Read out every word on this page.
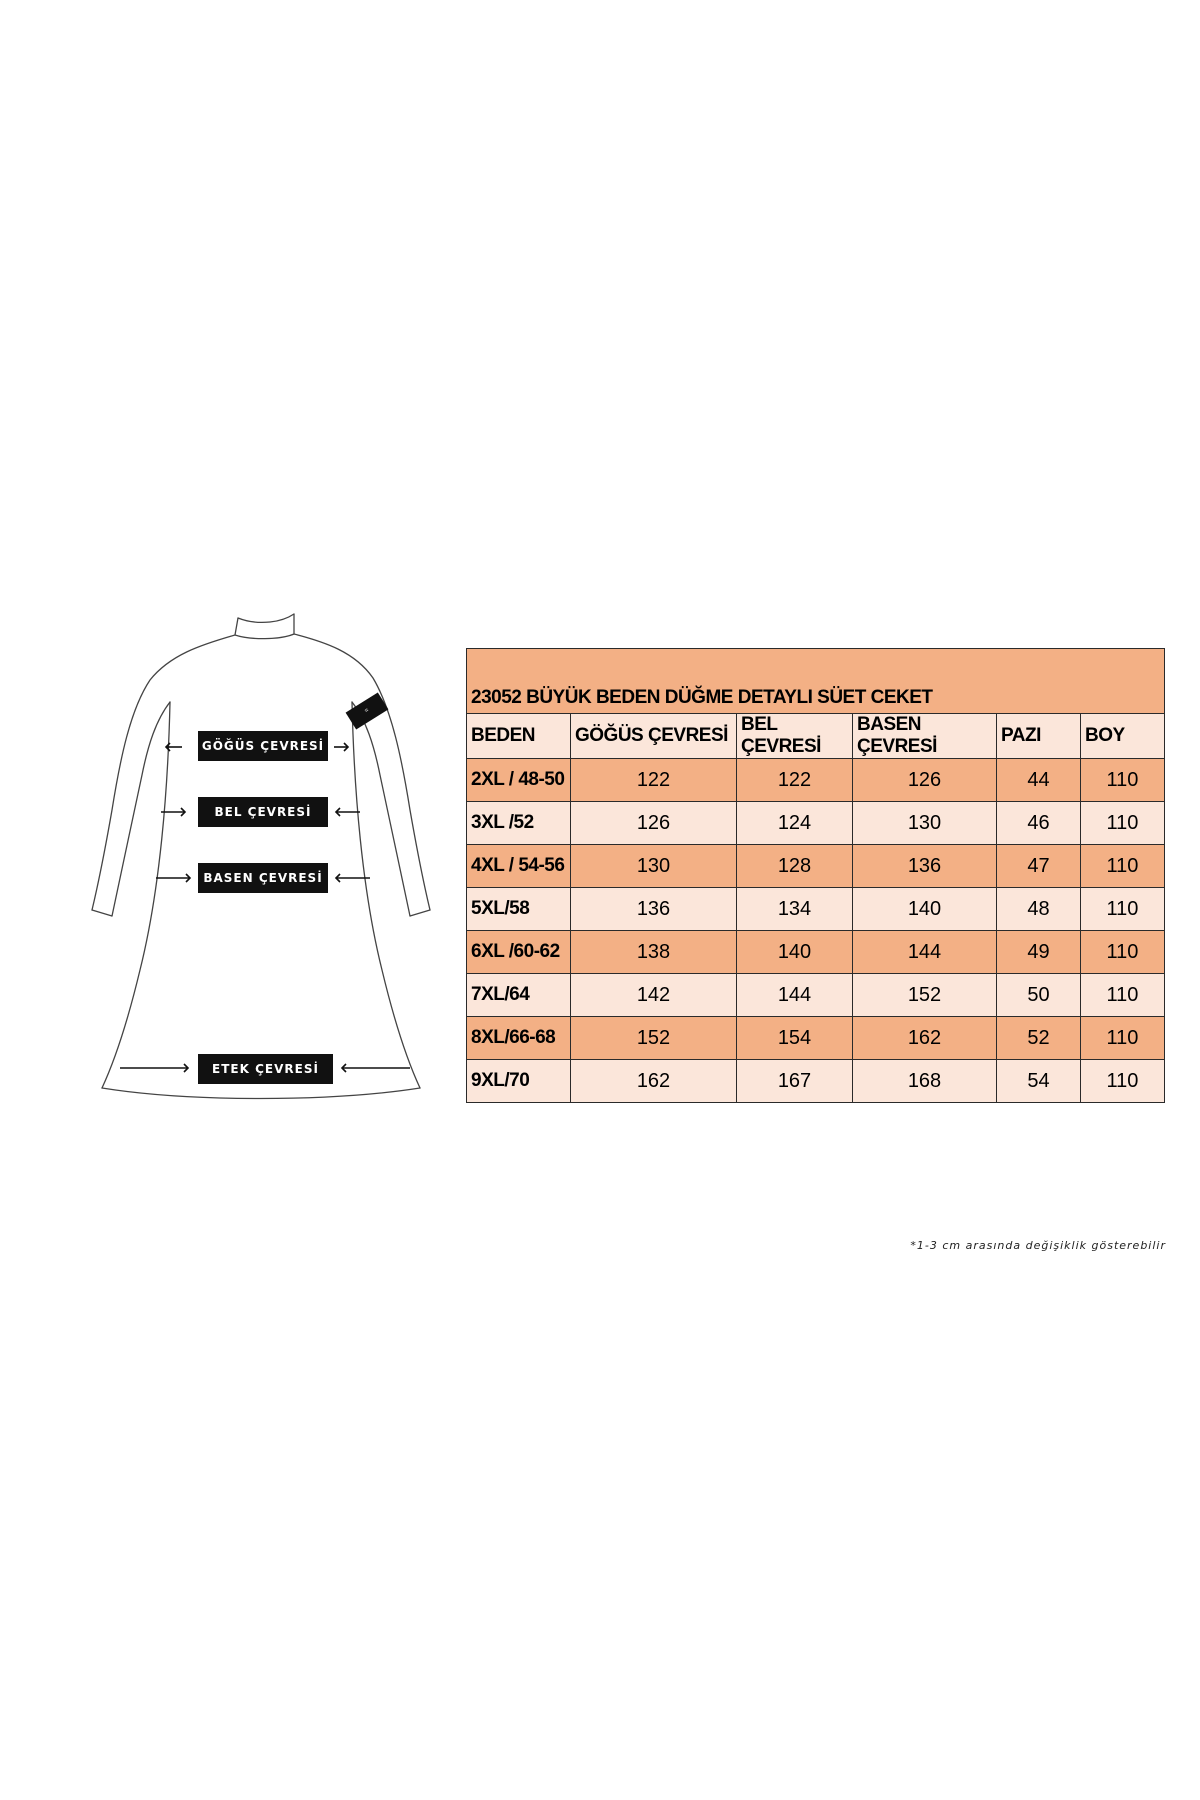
⌗
GÖĞÜS ÇEVRESİ
BEL ÇEVRESİ
BASEN ÇEVRESİ
ETEK ÇEVRESİ
23052 BÜYÜK BEDEN DÜĞME DETAYLI SÜET CEKET					
BEDEN	GÖĞÜS ÇEVRESİ	BEL ÇEVRESİ	BASEN ÇEVRESİ	PAZI	BOY
2XL / 48-50	122	122	126	44	110
3XL /52	126	124	130	46	110
4XL / 54-56	130	128	136	47	110
5XL/58	136	134	140	48	110
6XL /60-62	138	140	144	49	110
7XL/64	142	144	152	50	110
8XL/66-68	152	154	162	52	110
9XL/70	162	167	168	54	110
*1-3 cm arasında değişiklik gösterebilir
